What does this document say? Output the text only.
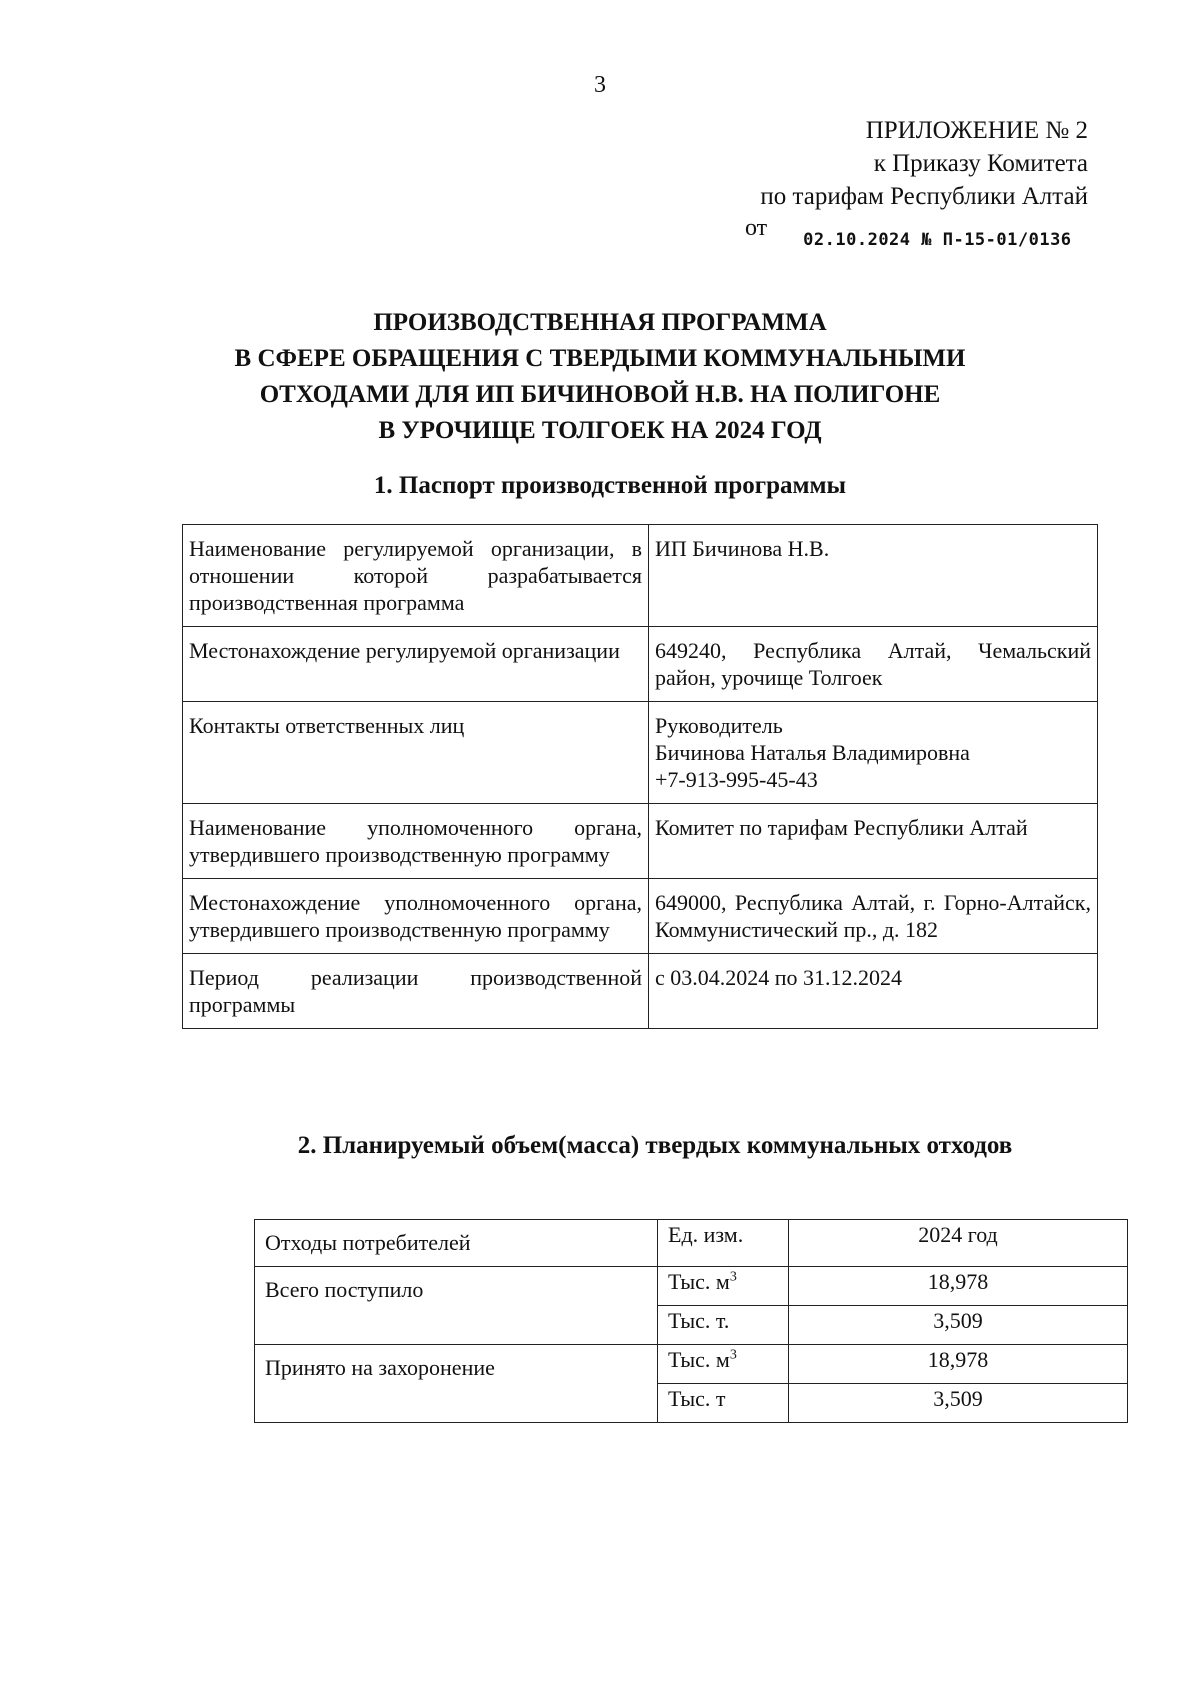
3
ПРИЛОЖЕНИЕ № 2
к Приказу Комитета
по тарифам Республики Алтай
от $_{02.10.2024 № П-15-01/0136}$
ПРОИЗВОДСТВЕННАЯ ПРОГРАММА
В СФЕРЕ ОБРАЩЕНИЯ С ТВЕРДЫМИ КОММУНАЛЬНЫМИ
ОТХОДАМИ ДЛЯ ИП БИЧИНОВОЙ Н.В. НА ПОЛИГОНЕ
В УРОЧИЩЕ ТОЛГОЕК НА 2024 ГОД
1. Паспорт производственной программы
Наименование регулируемой организации, в отношении которой разрабатывается производственная программа	ИП Бичинова Н.В.
Местонахождение регулируемой организации	649240, Республика Алтай, Чемальский район, урочище Толгоек
Контакты ответственных лиц	Руководитель
Бичинова Наталья Владимировна
+7-913-995-45-43

Наименование уполномоченного органа, утвердившего производственную программу	Комитет по тарифам Республики Алтай
Местонахождение уполномоченного органа, утвердившего производственную программу	649000, Республика Алтай, г. Горно-Алтайск, Коммунистический пр., д. 182
Период реализации производственной программы	с 03.04.2024 по 31.12.2024
2. Планируемый объем(масса) твердых коммунальных отходов
Отходы потребителей	Ед. изм.	2024 год
Всего поступило	Тыс. $м^3$	18,978
	Тыс. т.	3,509
Принято на захоронение	Тыс. $м^3$	18,978
	Тыс. т	3,509
